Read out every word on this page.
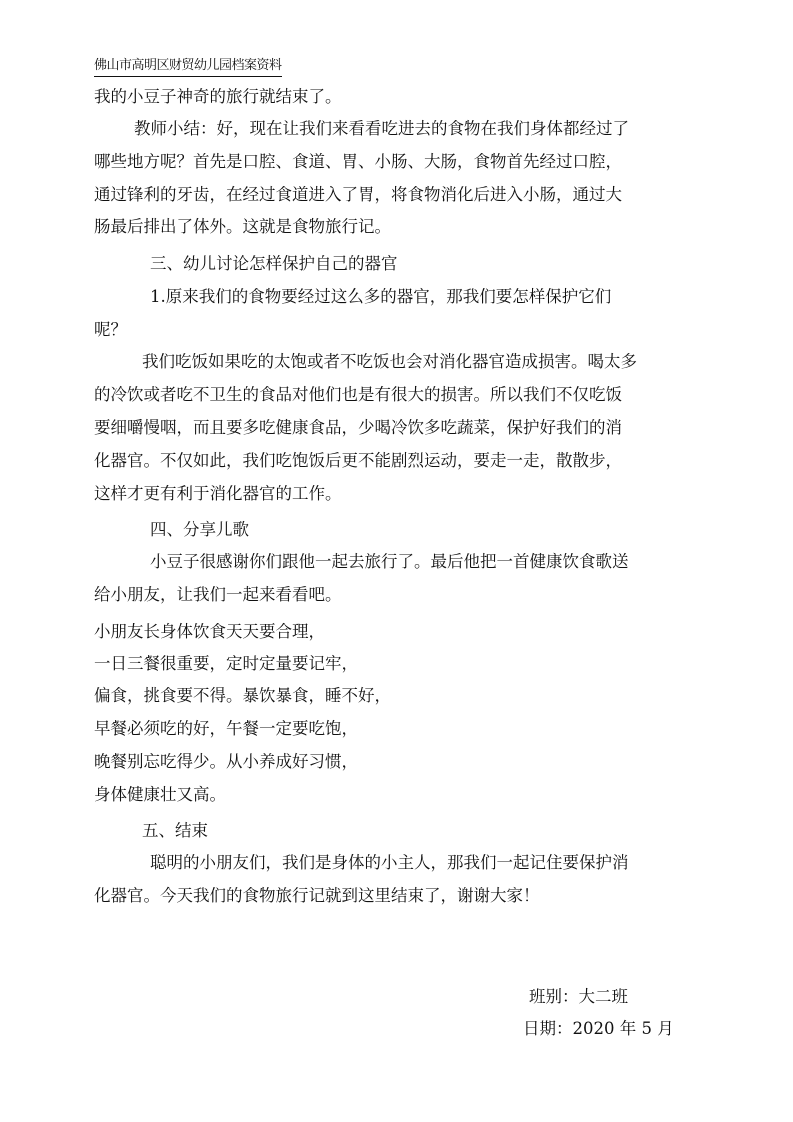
佛山市高明区财贸幼儿园档案资料
我的小豆子神奇的旅行就结束了。
教师小结：好，现在让我们来看看吃进去的食物在我们身体都经过了
哪些地方呢？首先是口腔、食道、胃、小肠、大肠，食物首先经过口腔，
通过锋利的牙齿，在经过食道进入了胃，将食物消化后进入小肠，通过大
肠最后排出了体外。这就是食物旅行记。
三、幼儿讨论怎样保护自己的器官
1.原来我们的食物要经过这么多的器官，那我们要怎样保护它们
呢？
我们吃饭如果吃的太饱或者不吃饭也会对消化器官造成损害。喝太多
的冷饮或者吃不卫生的食品对他们也是有很大的损害。所以我们不仅吃饭
要细嚼慢咽，而且要多吃健康食品，少喝冷饮多吃蔬菜，保护好我们的消
化器官。不仅如此，我们吃饱饭后更不能剧烈运动，要走一走，散散步，
这样才更有利于消化器官的工作。
四、分享儿歌
小豆子很感谢你们跟他一起去旅行了。最后他把一首健康饮食歌送
给小朋友，让我们一起来看看吧。
小朋友长身体饮食天天要合理，
一日三餐很重要，定时定量要记牢，
偏食，挑食要不得。暴饮暴食，睡不好，
早餐必须吃的好，午餐一定要吃饱，
晚餐别忘吃得少。从小养成好习惯，
身体健康壮又高。
五、结束
聪明的小朋友们，我们是身体的小主人，那我们一起记住要保护消
化器官。今天我们的食物旅行记就到这里结束了，谢谢大家！
班别：大二班
日期：2020 年 5 月
